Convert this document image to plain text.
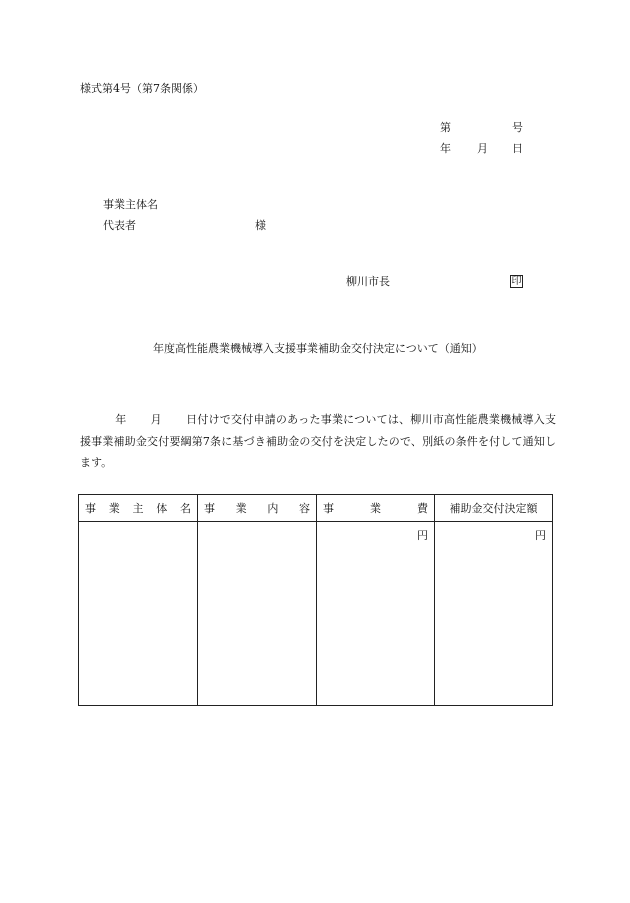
様式第4号（第7条関係）
第	号
年 月 日
事業主体名
代表者	様
柳川市長	印
年度高性能農業機械導入支援事業補助金交付決定について（通知）
年 月 日付けで交付申請のあった事業については、柳川市高性能農業機械導入支援事業補助金交付要綱第7条に基づき補助金の交付を決定したので、別紙の条件を付して通知します。
事 業 主 体 名	事 業 内 容	事 業 費	補助金交付決定額

		円	円
